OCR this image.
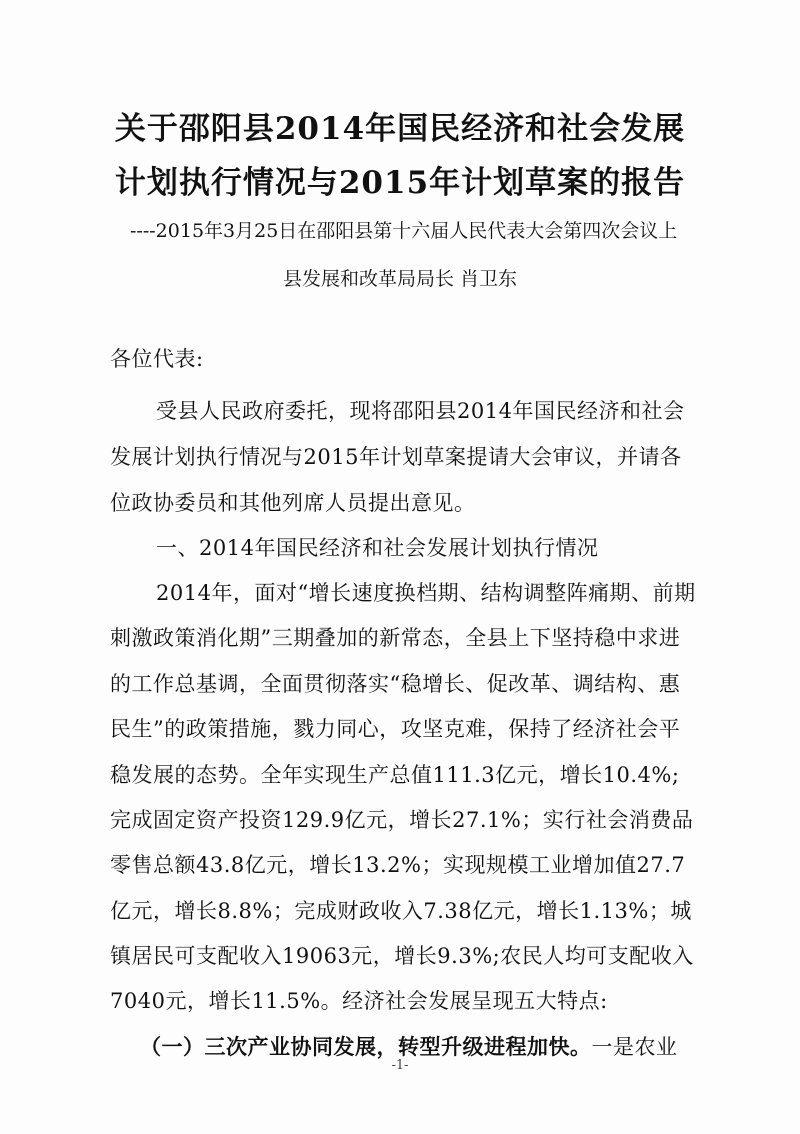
关于邵阳县2014年国民经济和社会发展
计划执行情况与2015年计划草案的报告
----2015年3月25日在邵阳县第十六届人民代表大会第四次会议上
县发展和改革局局长 肖卫东
各位代表:
受县人民政府委托，现将邵阳县2014年国民经济和社会
发展计划执行情况与2015年计划草案提请大会审议，并请各
位政协委员和其他列席人员提出意见。
一、2014年国民经济和社会发展计划执行情况
2014年，面对“增长速度换档期、结构调整阵痛期、前期
刺激政策消化期”三期叠加的新常态，全县上下坚持稳中求进
的工作总基调，全面贯彻落实“稳增长、促改革、调结构、惠
民生”的政策措施，戮力同心，攻坚克难，保持了经济社会平
稳发展的态势。全年实现生产总值111.3亿元，增长10.4%;
完成固定资产投资129.9亿元，增长27.1%；实行社会消费品
零售总额43.8亿元，增长13.2%；实现规模工业增加值27.7
亿元，增长8.8%；完成财政收入7.38亿元，增长1.13%；城
镇居民可支配收入19063元，增长9.3%;农民人均可支配收入
7040元，增长11.5%。经济社会发展呈现五大特点:
（一）三次产业协同发展，转型升级进程加快。一是农业
-1-
